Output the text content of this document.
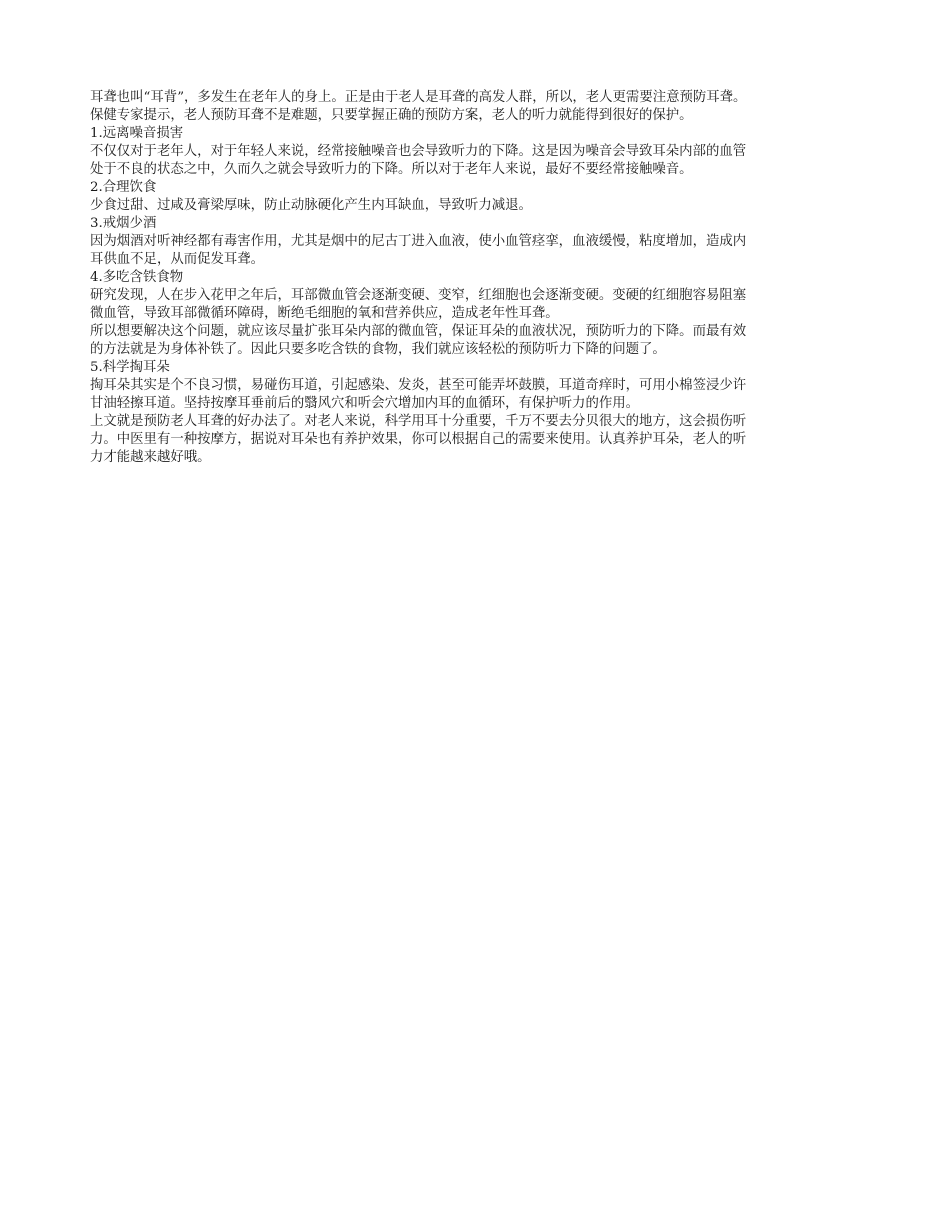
耳聋也叫“耳背”，多发生在老年人的身上。正是由于老人是耳聋的高发人群，所以，老人更需要注意预防耳聋。
保健专家提示，老人预防耳聋不是难题，只要掌握正确的预防方案，老人的听力就能得到很好的保护。
1.远离噪音损害
不仅仅对于老年人，对于年轻人来说，经常接触噪音也会导致听力的下降。这是因为噪音会导致耳朵内部的血管
处于不良的状态之中，久而久之就会导致听力的下降。所以对于老年人来说，最好不要经常接触噪音。
2.合理饮食
少食过甜、过咸及膏梁厚味，防止动脉硬化产生内耳缺血，导致听力减退。
3.戒烟少酒
因为烟酒对听神经都有毒害作用，尤其是烟中的尼古丁进入血液，使小血管痉挛，血液缓慢，粘度增加，造成内
耳供血不足，从而促发耳聋。
4.多吃含铁食物
研究发现，人在步入花甲之年后，耳部微血管会逐渐变硬、变窄，红细胞也会逐渐变硬。变硬的红细胞容易阻塞
微血管，导致耳部微循环障碍，断绝毛细胞的氧和营养供应，造成老年性耳聋。
所以想要解决这个问题，就应该尽量扩张耳朵内部的微血管，保证耳朵的血液状况，预防听力的下降。而最有效
的方法就是为身体补铁了。因此只要多吃含铁的食物，我们就应该轻松的预防听力下降的问题了。
5.科学掏耳朵
掏耳朵其实是个不良习惯，易碰伤耳道，引起感染、发炎，甚至可能弄坏鼓膜，耳道奇痒时，可用小棉签浸少许
甘油轻擦耳道。坚持按摩耳垂前后的翳风穴和听会穴增加内耳的血循环，有保护听力的作用。
上文就是预防老人耳聋的好办法了。对老人来说，科学用耳十分重要，千万不要去分贝很大的地方，这会损伤听
力。中医里有一种按摩方，据说对耳朵也有养护效果，你可以根据自己的需要来使用。认真养护耳朵，老人的听
力才能越来越好哦。
